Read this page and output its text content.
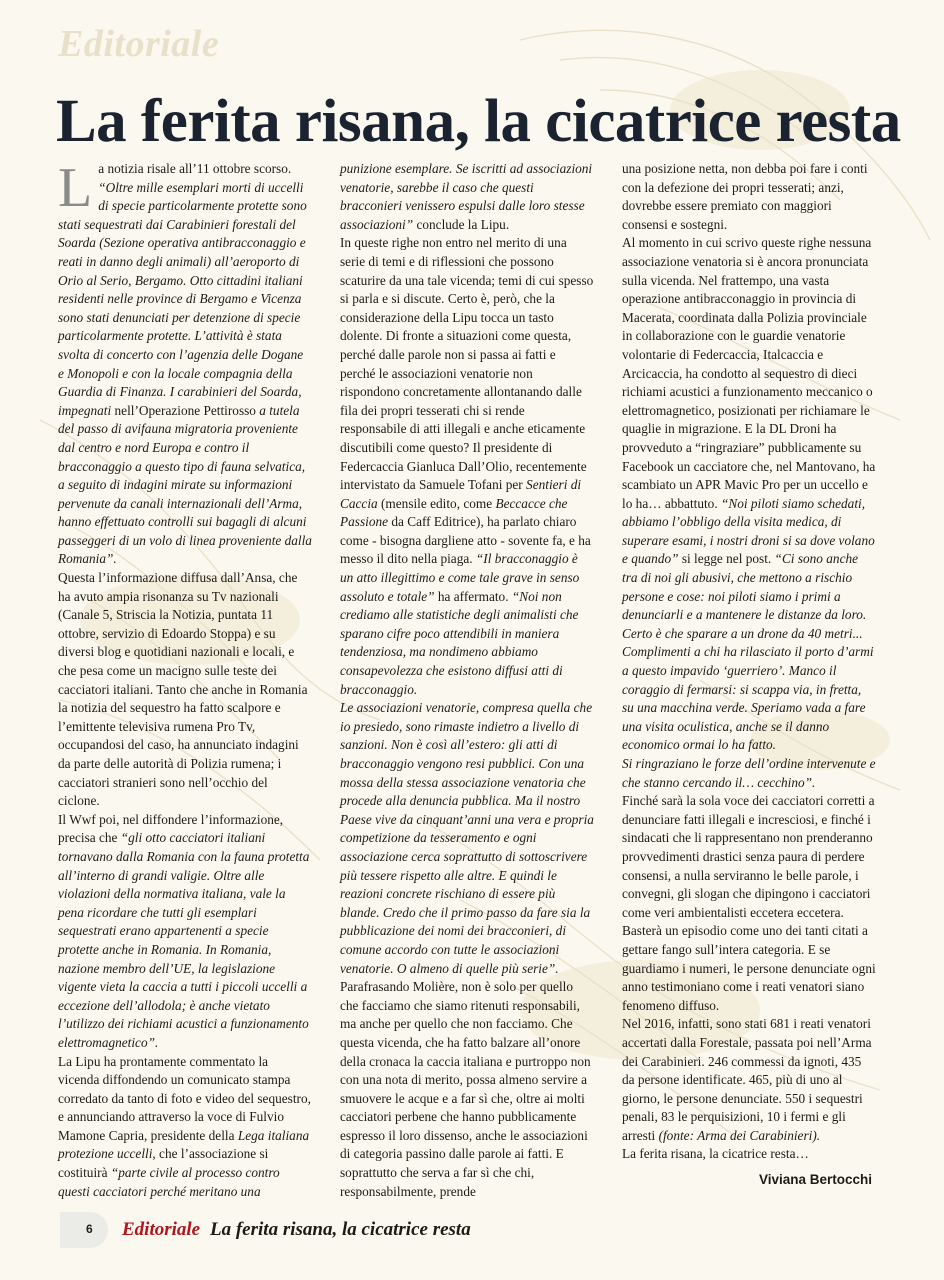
Editoriale
La ferita risana, la cicatrice resta
L a notizia risale all’11 ottobre scorso. “Oltre mille esemplari morti di uccelli di specie particolarmente protette sono stati sequestrati dai Carabinieri forestali del Soarda (Sezione operativa antibracconaggio e reati in danno degli animali) all’aeroporto di Orio al Serio, Bergamo. Otto cittadini italiani residenti nelle province di Bergamo e Vicenza sono stati denunciati per detenzione di specie particolarmente protette. L’attività è stata svolta di concerto con l’agenzia delle Dogane e Monopoli e con la locale compagnia della Guardia di Finanza. I carabinieri del Soarda, impegnati nell’Operazione Pettirosso a tutela del passo di avifauna migratoria proveniente dal centro e nord Europa e contro il bracconaggio a questo tipo di fauna selvatica, a seguito di indagini mirate su informazioni pervenute da canali internazionali dell’Arma, hanno effettuato controlli sui bagagli di alcuni passeggeri di un volo di linea proveniente dalla Romania”.
Questa l’informazione diffusa dall’Ansa, che ha avuto ampia risonanza su Tv nazionali (Canale 5, Striscia la Notizia, puntata 11 ottobre, servizio di Edoardo Stoppa) e su diversi blog e quotidiani nazionali e locali, e che pesa come un macigno sulle teste dei cacciatori italiani. Tanto che anche in Romania la notizia del sequestro ha fatto scalpore e l’emittente televisiva rumena Pro Tv, occupandosi del caso, ha annunciato indagini da parte delle autorità di Polizia rumena; i cacciatori stranieri sono nell’occhio del ciclone.
Il Wwf poi, nel diffondere l’informazione, precisa che “gli otto cacciatori italiani tornavano dalla Romania con la fauna protetta all’interno di grandi valigie. Oltre alle violazioni della normativa italiana, vale la pena ricordare che tutti gli esemplari sequestrati erano appartenenti a specie protette anche in Romania. In Romania, nazione membro dell’UE, la legislazione vigente vieta la caccia a tutti i piccoli uccelli a eccezione dell’allodola; è anche vietato l’utilizzo dei richiami acustici a funzionamento elettromagnetico”.
La Lipu ha prontamente commentato la vicenda diffondendo un comunicato stampa corredato da tanto di foto e video del sequestro, e annunciando attraverso la voce di Fulvio Mamone Capria, presidente della Lega italiana protezione uccelli, che l’associazione si costituirà “parte civile al processo contro questi cacciatori perché meritano una
punizione esemplare. Se iscritti ad associazioni venatorie, sarebbe il caso che questi bracconieri venissero espulsi dalle loro stesse associazioni” conclude la Lipu.
In queste righe non entro nel merito di una serie di temi e di riflessioni che possono scaturire da una tale vicenda; temi di cui spesso si parla e si discute. Certo è, però, che la considerazione della Lipu tocca un tasto dolente. Di fronte a situazioni come questa, perché dalle parole non si passa ai fatti e perché le associazioni venatorie non rispondono concretamente allontanando dalle fila dei propri tesserati chi si rende responsabile di atti illegali e anche eticamente discutibili come questo? Il presidente di Federcaccia Gianluca Dall’Olio, recentemente intervistato da Samuele Tofani per Sentieri di Caccia (mensile edito, come Beccacce che Passione da Caff Editrice), ha parlato chiaro come - bisogna dargliene atto - sovente fa, e ha messo il dito nella piaga. “Il bracconaggio è un atto illegittimo e come tale grave in senso assoluto e totale” ha affermato. “Noi non crediamo alle statistiche degli animalisti che sparano cifre poco attendibili in maniera tendenziosa, ma nondimeno abbiamo consapevolezza che esistono diffusi atti di bracconaggio.
Le associazioni venatorie, compresa quella che io presiedo, sono rimaste indietro a livello di sanzioni. Non è così all’estero: gli atti di bracconaggio vengono resi pubblici. Con una mossa della stessa associazione venatoria che procede alla denuncia pubblica. Ma il nostro Paese vive da cinquant’anni una vera e propria competizione da tesseramento e ogni associazione cerca soprattutto di sottoscrivere più tessere rispetto alle altre. E quindi le reazioni concrete rischiano di essere più blande. Credo che il primo passo da fare sia la pubblicazione dei nomi dei bracconieri, di comune accordo con tutte le associazioni venatorie. O almeno di quelle più serie”.
Parafrasando Molière, non è solo per quello che facciamo che siamo ritenuti responsabili, ma anche per quello che non facciamo. Che questa vicenda, che ha fatto balzare all’onore della cronaca la caccia italiana e purtroppo non con una nota di merito, possa almeno servire a smuovere le acque e a far sì che, oltre ai molti cacciatori perbene che hanno pubblicamente espresso il loro dissenso, anche le associazioni di categoria passino dalle parole ai fatti. E soprattutto che serva a far sì che chi, responsabilmente, prende
una posizione netta, non debba poi fare i conti con la defezione dei propri tesserati; anzi, dovrebbe essere premiato con maggiori consensi e sostegni.
Al momento in cui scrivo queste righe nessuna associazione venatoria si è ancora pronunciata sulla vicenda. Nel frattempo, una vasta operazione antibracconaggio in provincia di Macerata, coordinata dalla Polizia provinciale in collaborazione con le guardie venatorie volontarie di Federcaccia, Italcaccia e Arcicaccia, ha condotto al sequestro di dieci richiami acustici a funzionamento meccanico o elettromagnetico, posizionati per richiamare le quaglie in migrazione. E la DL Droni ha provveduto a “ringraziare” pubblicamente su Facebook un cacciatore che, nel Mantovano, ha scambiato un APR Mavic Pro per un uccello e lo ha… abbattuto. “Noi piloti siamo schedati, abbiamo l’obbligo della visita medica, di superare esami, i nostri droni si sa dove volano e quando” si legge nel post. “Ci sono anche tra di noi gli abusivi, che mettono a rischio persone e cose: noi piloti siamo i primi a denunciarli e a mantenere le distanze da loro. Certo è che sparare a un drone da 40 metri... Complimenti a chi ha rilasciato il porto d’armi a questo impavido ‘guerriero’. Manco il coraggio di fermarsi: si scappa via, in fretta, su una macchina verde. Speriamo vada a fare una visita oculistica, anche se il danno economico ormai lo ha fatto.
Si ringraziano le forze dell’ordine intervenute e che stanno cercando il… cecchino”.
Finché sarà la sola voce dei cacciatori corretti a denunciare fatti illegali e incresciosi, e finché i sindacati che li rappresentano non prenderanno provvedimenti drastici senza paura di perdere consensi, a nulla serviranno le belle parole, i convegni, gli slogan che dipingono i cacciatori come veri ambientalisti eccetera eccetera. Basterà un episodio come uno dei tanti citati a gettare fango sull’intera categoria. E se guardiamo i numeri, le persone denunciate ogni anno testimoniano come i reati venatori siano fenomeno diffuso.
Nel 2016, infatti, sono stati 681 i reati venatori accertati dalla Forestale, passata poi nell’Arma dei Carabinieri. 246 commessi da ignoti, 435 da persone identificate. 465, più di uno al giorno, le persone denunciate. 550 i sequestri penali, 83 le perquisizioni, 10 i fermi e gli arresti (fonte: Arma dei Carabinieri).
La ferita risana, la cicatrice resta…
Viviana Bertocchi
6 Editoriale La ferita risana, la cicatrice resta
